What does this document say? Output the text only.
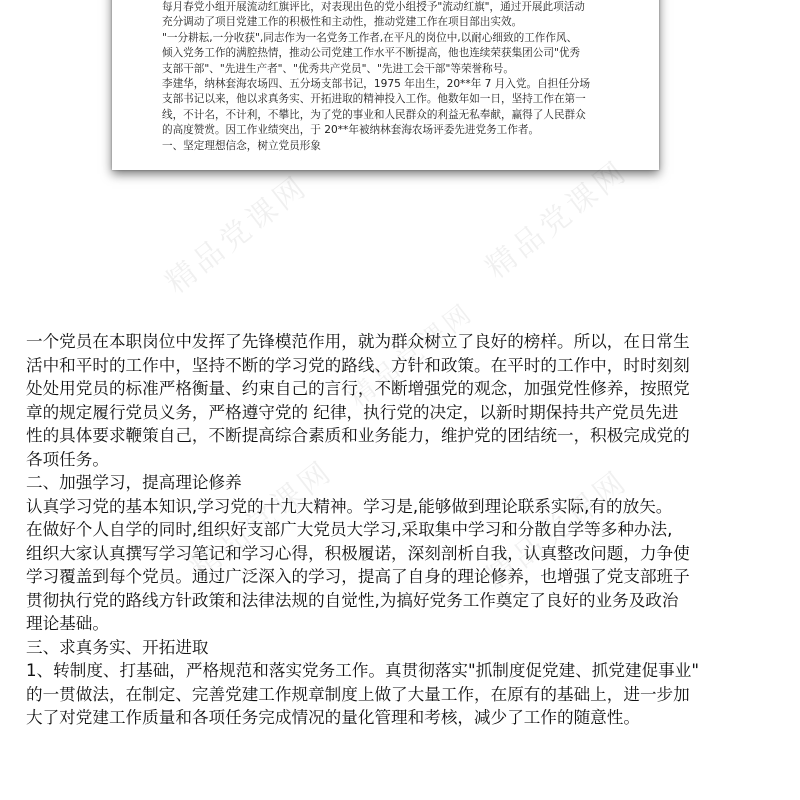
每月春党小组开展流动红旗评比，对表现出色的党小组授予"流动红旗"，通过开展此项活动
充分调动了项目党建工作的积极性和主动性，推动党建工作在项目部出实效。
"一分耕耘,一分收获",同志作为一名党务工作者,在平凡的岗位中,以耐心细致的工作作风、
倾入党务工作的满腔热情，推动公司党建工作水平不断提高，他也连续荣获集团公司"优秀
支部干部"、"先进生产者"、"优秀共产党员"、"先进工会干部"等荣誉称号。
李建华，纳林套海农场四、五分场支部书记，1975 年出生，20**年 7 月入党。自担任分场
支部书记以来，他以求真务实、开拓进取的精神投入工作。他数年如一日，坚持工作在第一
线，不计名，不计利，不攀比，为了党的事业和人民群众的利益无私奉献，赢得了人民群众
的高度赞赏。因工作业绩突出，于 20**年被纳林套海农场评委先进党务工作者。
一、坚定理想信念，树立党员形象
精品党课网	精品党课网
精品党课网
精品党课网	精品党课网
一个党员在本职岗位中发挥了先锋模范作用，就为群众树立了良好的榜样。所以，在日常生
活中和平时的工作中，坚持不断的学习党的路线、方针和政策。在平时的工作中，时时刻刻
处处用党员的标准严格衡量、约束自己的言行，不断增强党的观念，加强党性修养，按照党
章的规定履行党员义务，严格遵守党的 纪律，执行党的决定，以新时期保持共产党员先进
性的具体要求鞭策自己，不断提高综合素质和业务能力，维护党的团结统一，积极完成党的
各项任务。
二、加强学习，提高理论修养
认真学习党的基本知识,学习党的十九大精神。学习是,能够做到理论联系实际,有的放矢。
在做好个人自学的同时,组织好支部广大党员大学习,采取集中学习和分散自学等多种办法,
组织大家认真撰写学习笔记和学习心得，积极履诺，深刻剖析自我，认真整改问题，力争使
学习覆盖到每个党员。通过广泛深入的学习，提高了自身的理论修养，也增强了党支部班子
贯彻执行党的路线方针政策和法律法规的自觉性,为搞好党务工作奠定了良好的业务及政治
理论基础。
三、求真务实、开拓进取
1、转制度、打基础，严格规范和落实党务工作。真贯彻落实"抓制度促党建、抓党建促事业"
的一贯做法，在制定、完善党建工作规章制度上做了大量工作，在原有的基础上，进一步加
大了对党建工作质量和各项任务完成情况的量化管理和考核，减少了工作的随意性。
